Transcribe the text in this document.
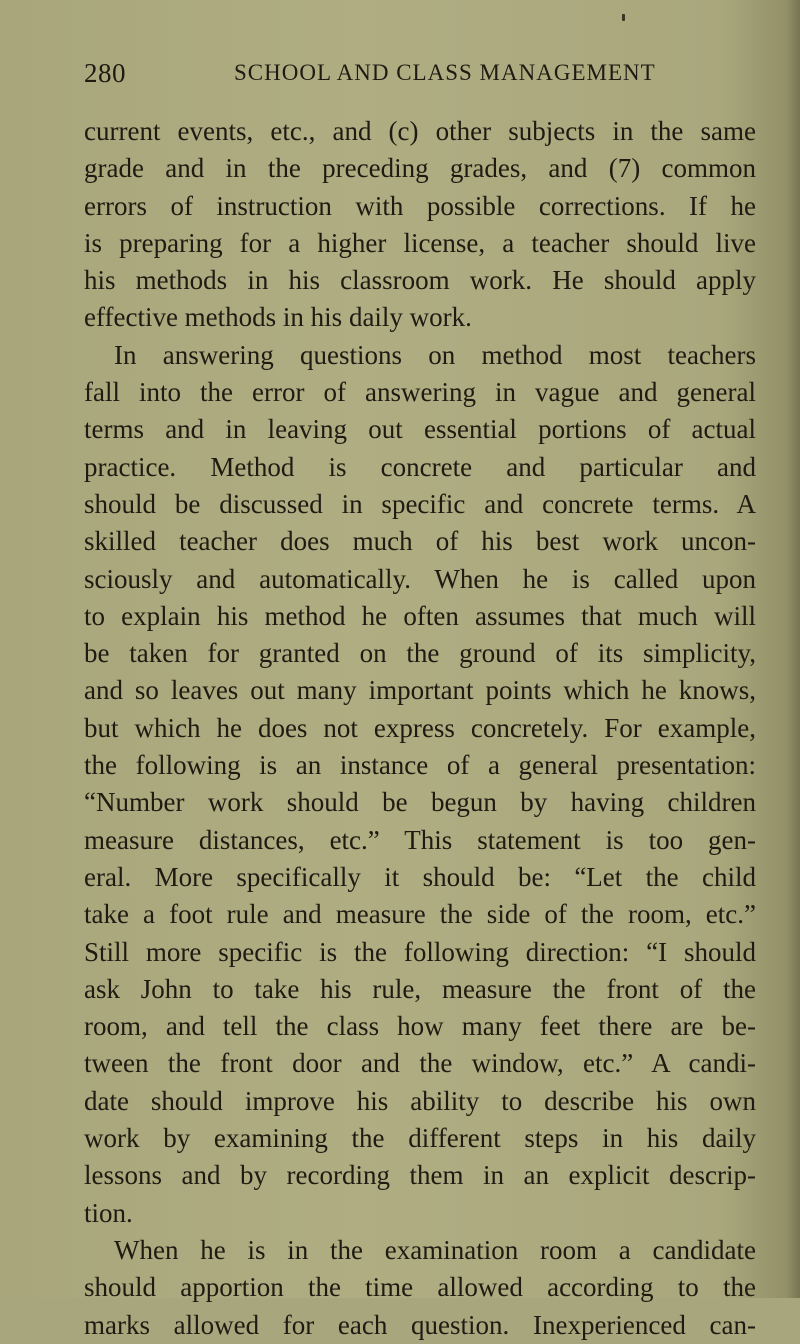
280	SCHOOL AND CLASS MANAGEMENT
current events, etc., and (c) other subjects in the same
grade and in the preceding grades, and (7) common
errors of instruction with possible corrections. If he
is preparing for a higher license, a teacher should live
his methods in his classroom work. He should apply
effective methods in his daily work.
In answering questions on method most teachers
fall into the error of answering in vague and general
terms and in leaving out essential portions of actual
practice. Method is concrete and particular and
should be discussed in specific and concrete terms. A
skilled teacher does much of his best work uncon-
sciously and automatically. When he is called upon
to explain his method he often assumes that much will
be taken for granted on the ground of its simplicity,
and so leaves out many important points which he knows,
but which he does not express concretely. For example,
the following is an instance of a general presentation:
“Number work should be begun by having children
measure distances, etc.” This statement is too gen-
eral. More specifically it should be: “Let the child
take a foot rule and measure the side of the room, etc.”
Still more specific is the following direction: “I should
ask John to take his rule, measure the front of the
room, and tell the class how many feet there are be-
tween the front door and the window, etc.” A candi-
date should improve his ability to describe his own
work by examining the different steps in his daily
lessons and by recording them in an explicit descrip-
tion.
When he is in the examination room a candidate
should apportion the time allowed according to the
marks allowed for each question. Inexperienced can-
